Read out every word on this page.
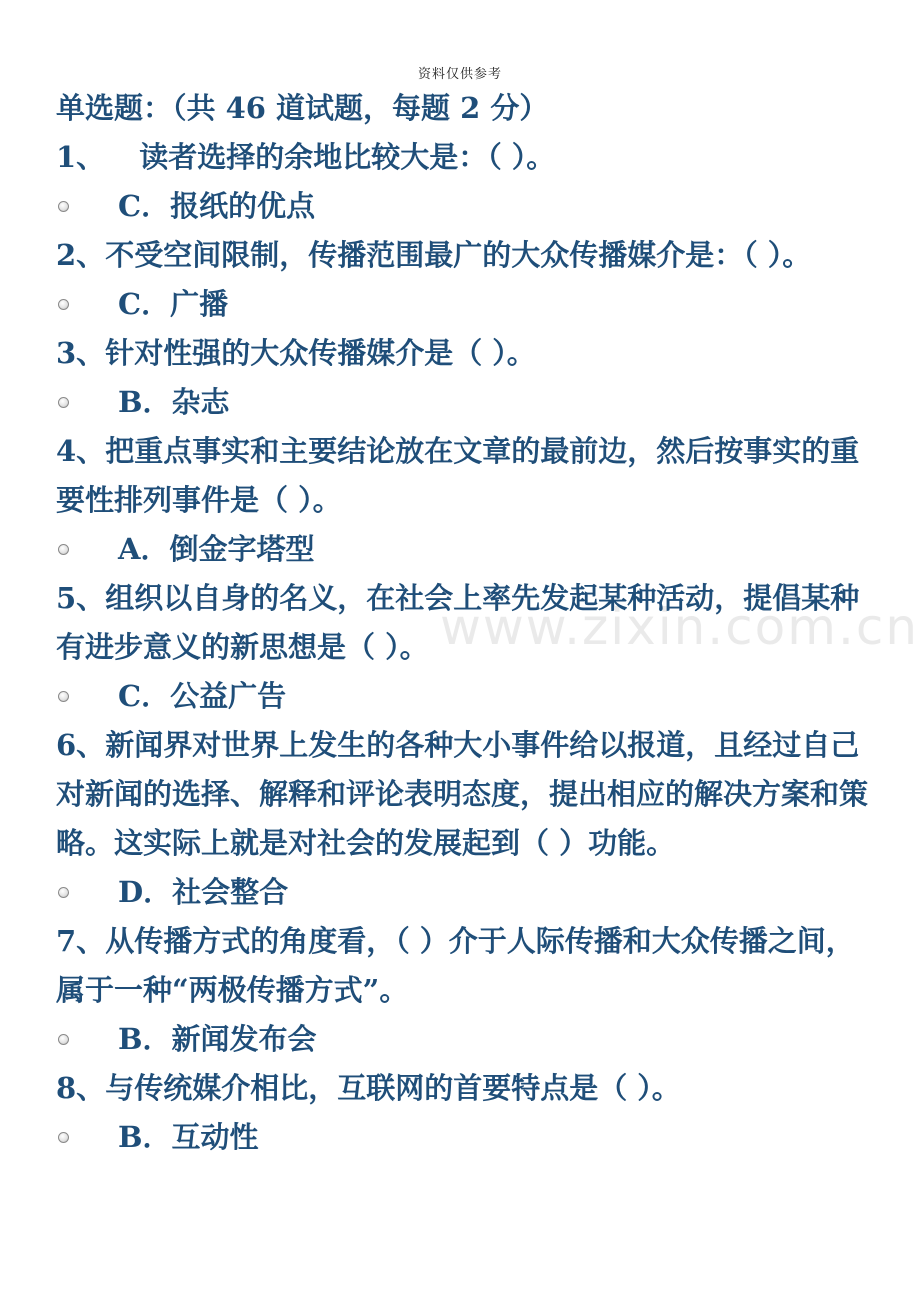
资料仅供参考
www.zixin.com.cn

单选题：（共 46 道试题，每题 2 分）

1、 读者选择的余地比较大是：（ ）。

C．报纸的优点

2、不受空间限制，传播范围最广的大众传播媒介是：（ ）。

C．广播

3、针对性强的大众传播媒介是（ ）。

B．杂志

4、把重点事实和主要结论放在文章的最前边，然后按事实的重要性排列事件是（ ）。

A．倒金字塔型

5、组织以自身的名义，在社会上率先发起某种活动，提倡某种有进步意义的新思想是（ ）。

C．公益广告

6、新闻界对世界上发生的各种大小事件给以报道，且经过自己对新闻的选择、解释和评论表明态度，提出相应的解决方案和策略。这实际上就是对社会的发展起到（ ）功能。

D．社会整合

7、从传播方式的角度看，（ ）介于人际传播和大众传播之间，属于一种“两极传播方式”。

B．新闻发布会

8、与传统媒介相比，互联网的首要特点是（ ）。

B．互动性
